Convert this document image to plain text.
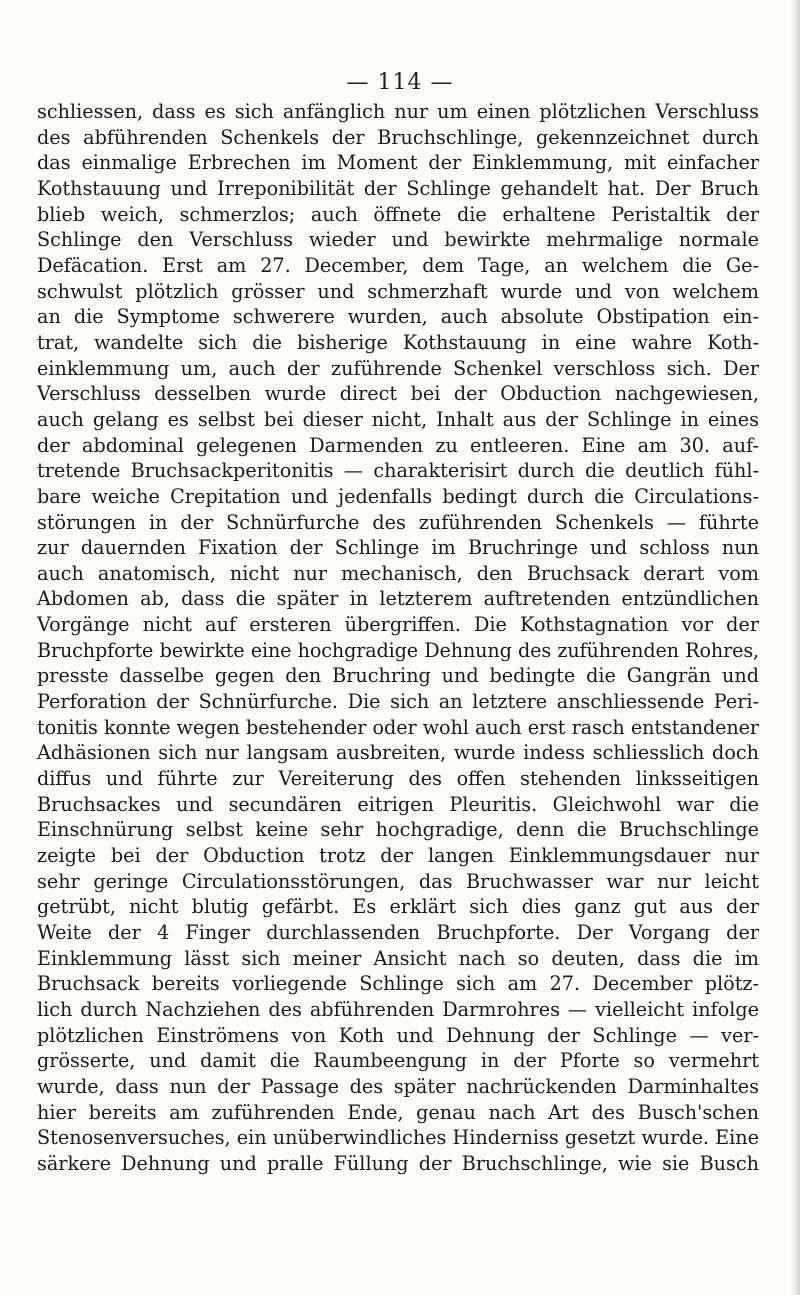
— 114 —
schliessen, dass es sich anfänglich nur um einen plötzlichen Verschluss
des abführenden Schenkels der Bruchschlinge, gekennzeichnet durch
das einmalige Erbrechen im Moment der Einklemmung, mit einfacher
Kothstauung und Irreponibilität der Schlinge gehandelt hat. Der Bruch
blieb weich, schmerzlos; auch öffnete die erhaltene Peristaltik der
Schlinge den Verschluss wieder und bewirkte mehrmalige normale
Defäcation. Erst am 27. December, dem Tage, an welchem die Ge-
schwulst plötzlich grösser und schmerzhaft wurde und von welchem
an die Symptome schwerere wurden, auch absolute Obstipation ein-
trat, wandelte sich die bisherige Kothstauung in eine wahre Koth-
einklemmung um, auch der zuführende Schenkel verschloss sich. Der
Verschluss desselben wurde direct bei der Obduction nachgewiesen,
auch gelang es selbst bei dieser nicht, Inhalt aus der Schlinge in eines
der abdominal gelegenen Darmenden zu entleeren. Eine am 30. auf-
tretende Bruchsackperitonitis — charakterisirt durch die deutlich fühl-
bare weiche Crepitation und jedenfalls bedingt durch die Circulations-
störungen in der Schnürfurche des zuführenden Schenkels — führte
zur dauernden Fixation der Schlinge im Bruchringe und schloss nun
auch anatomisch, nicht nur mechanisch, den Bruchsack derart vom
Abdomen ab, dass die später in letzterem auftretenden entzündlichen
Vorgänge nicht auf ersteren übergriffen. Die Kothstagnation vor der
Bruchpforte bewirkte eine hochgradige Dehnung des zuführenden Rohres,
presste dasselbe gegen den Bruchring und bedingte die Gangrän und
Perforation der Schnürfurche. Die sich an letztere anschliessende Peri-
tonitis konnte wegen bestehender oder wohl auch erst rasch entstandener
Adhäsionen sich nur langsam ausbreiten, wurde indess schliesslich doch
diffus und führte zur Vereiterung des offen stehenden linksseitigen
Bruchsackes und secundären eitrigen Pleuritis. Gleichwohl war die
Einschnürung selbst keine sehr hochgradige, denn die Bruchschlinge
zeigte bei der Obduction trotz der langen Einklemmungsdauer nur
sehr geringe Circulationsstörungen, das Bruchwasser war nur leicht
getrübt, nicht blutig gefärbt. Es erklärt sich dies ganz gut aus der
Weite der 4 Finger durchlassenden Bruchpforte. Der Vorgang der
Einklemmung lässt sich meiner Ansicht nach so deuten, dass die im
Bruchsack bereits vorliegende Schlinge sich am 27. December plötz-
lich durch Nachziehen des abführenden Darmrohres — vielleicht infolge
plötzlichen Einströmens von Koth und Dehnung der Schlinge — ver-
grösserte, und damit die Raumbeengung in der Pforte so vermehrt
wurde, dass nun der Passage des später nachrückenden Darminhaltes
hier bereits am zuführenden Ende, genau nach Art des Busch'schen
Stenosenversuches, ein unüberwindliches Hinderniss gesetzt wurde. Eine
särkere Dehnung und pralle Füllung der Bruchschlinge, wie sie Busch
